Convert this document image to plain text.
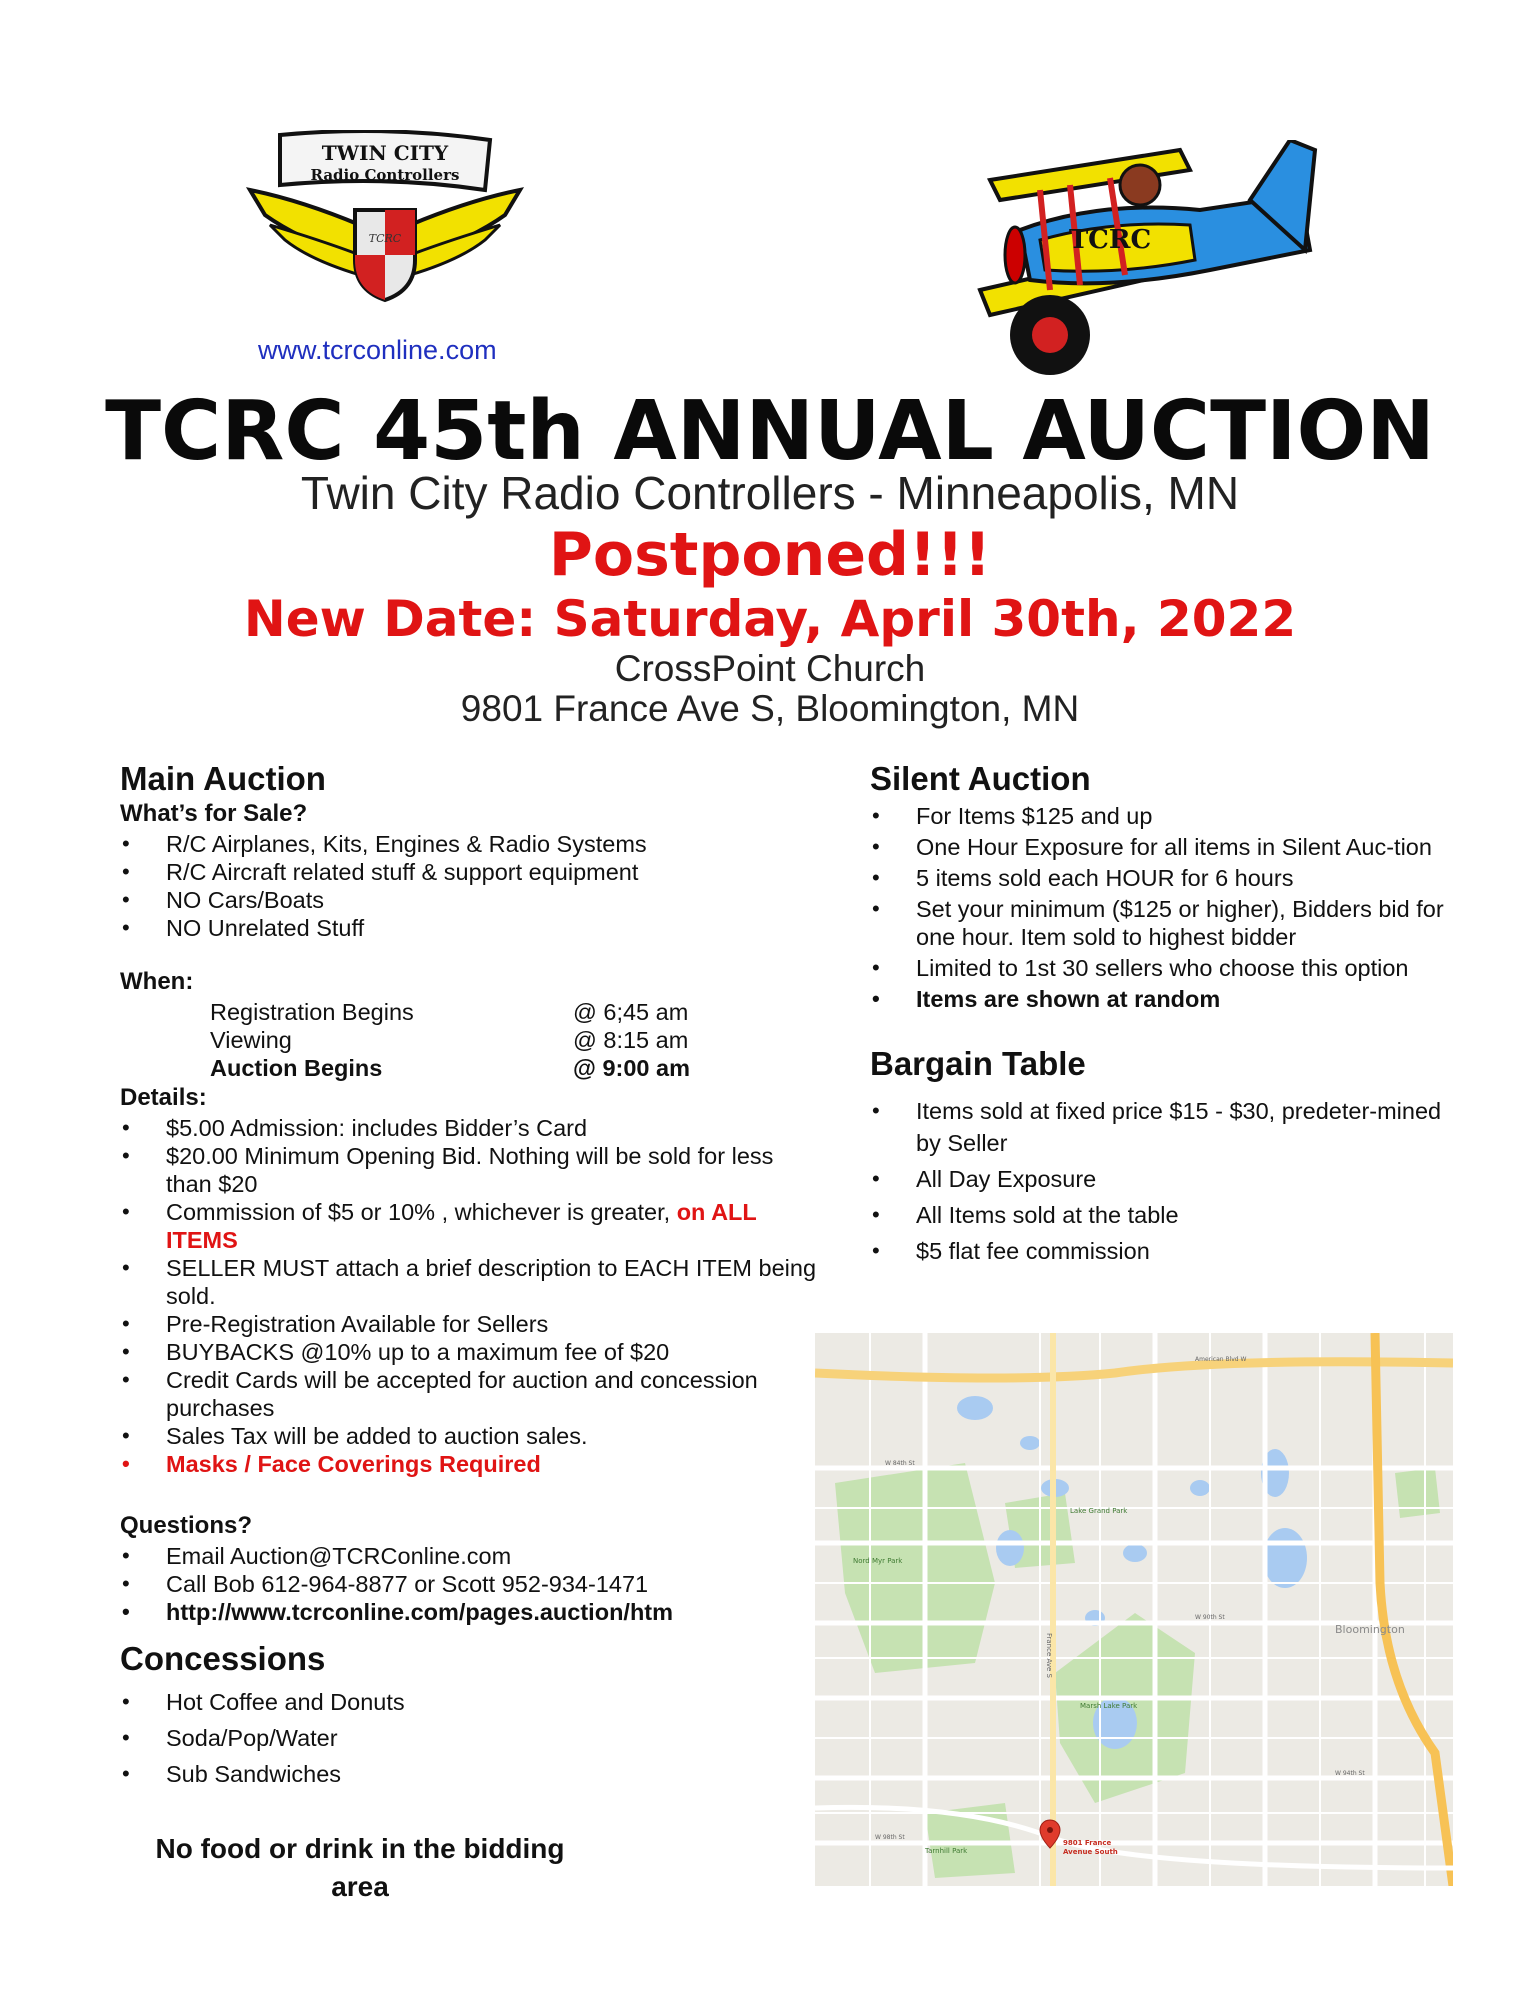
TWIN CITY
Radio Controllers
TCRC
www.tcrconline.com
TCRC
TCRC 45th ANNUAL AUCTION
Twin City Radio Controllers - Minneapolis, MN
Postponed!!!
New Date: Saturday, April 30th, 2022
CrossPoint Church
9801 France Ave S, Bloomington, MN
Main Auction
What’s for Sale?
• R/C Airplanes, Kits, Engines & Radio Systems
• R/C Aircraft related stuff & support equipment
• NO Cars/Boats
• NO Unrelated Stuff
When:
Registration Begins	@ 6;45 am
Viewing	@ 8:15 am
Auction Begins	@ 9:00 am
Details:
• $5.00 Admission: includes Bidder’s Card
• $20.00 Minimum Opening Bid. Nothing will be sold for less than $20
• Commission of $5 or 10% , whichever is greater, on ALL ITEMS
• SELLER MUST attach a brief description to EACH ITEM being sold.
• Pre-Registration Available for Sellers
• BUYBACKS @10% up to a maximum fee of $20
• Credit Cards will be accepted for auction and concession purchases
• Sales Tax will be added to auction sales.
• Masks / Face Coverings Required
Questions?
• Email Auction@TCRConline.com
• Call Bob 612-964-8877 or Scott 952-934-1471
• http://www.tcrconline.com/pages.auction/htm
Concessions
• Hot Coffee and Donuts
• Soda/Pop/Water
• Sub Sandwiches
No food or drink in the bidding
area
Silent Auction
• For Items $125 and up
• One Hour Exposure for all items in Silent Auc-tion
• 5 items sold each HOUR for 6 hours
• Set your minimum ($125 or higher), Bidders bid for one hour. Item sold to highest bidder
• Limited to 1st 30 sellers who choose this option
• Items are shown at random
Bargain Table
• Items sold at fixed price $15 - $30, predeter-mined by Seller
• All Day Exposure
• All Items sold at the table
• $5 flat fee commission
Bloomington
Lake Grand Park
Nord Myr Park
Marsh Lake Park
Tarnhill Park
France Ave S
W 84th St
W 90th St
W 94th St
W 98th St
American Blvd W
9801 France
Avenue South
